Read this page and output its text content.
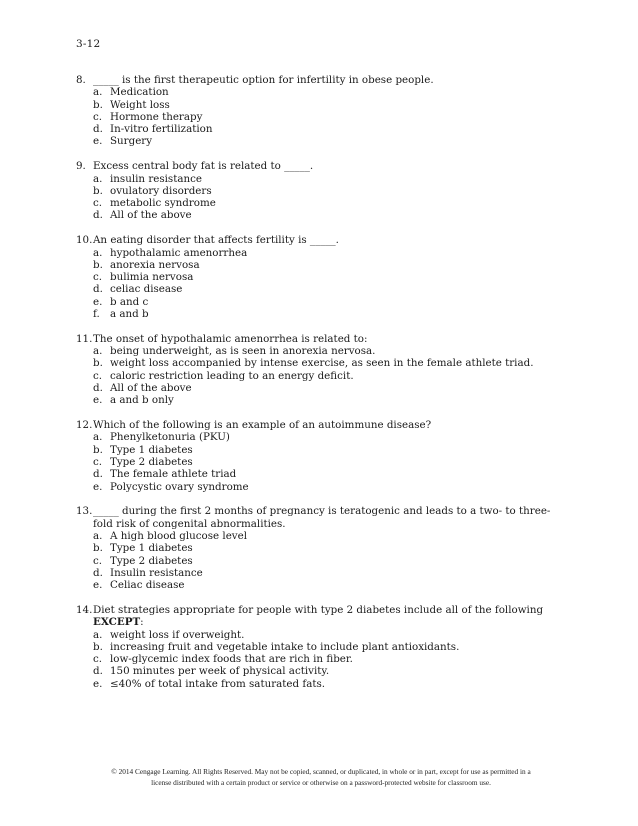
3-12
8. _____ is the first therapeutic option for infertility in obese people.
a. Medication
b. Weight loss
c. Hormone therapy
d. In-vitro fertilization
e. Surgery
9. Excess central body fat is related to _____.
a. insulin resistance
b. ovulatory disorders
c. metabolic syndrome
d. All of the above
10. An eating disorder that affects fertility is _____.
a. hypothalamic amenorrhea
b. anorexia nervosa
c. bulimia nervosa
d. celiac disease
e. b and c
f. a and b
11. The onset of hypothalamic amenorrhea is related to:
a. being underweight, as is seen in anorexia nervosa.
b. weight loss accompanied by intense exercise, as seen in the female athlete triad.
c. caloric restriction leading to an energy deficit.
d. All of the above
e. a and b only
12. Which of the following is an example of an autoimmune disease?
a. Phenylketonuria (PKU)
b. Type 1 diabetes
c. Type 2 diabetes
d. The female athlete triad
e. Polycystic ovary syndrome
13. _____ during the first 2 months of pregnancy is teratogenic and leads to a two- to three-fold risk of congenital abnormalities.
a. A high blood glucose level
b. Type 1 diabetes
c. Type 2 diabetes
d. Insulin resistance
e. Celiac disease
14. Diet strategies appropriate for people with type 2 diabetes include all of the following
EXCEPT:
a. weight loss if overweight.
b. increasing fruit and vegetable intake to include plant antioxidants.
c. low-glycemic index foods that are rich in fiber.
d. 150 minutes per week of physical activity.
e. ≤40% of total intake from saturated fats.
© 2014 Cengage Learning. All Rights Reserved. May not be copied, scanned, or duplicated, in whole or in part, except for use as permitted in a
license distributed with a certain product or service or otherwise on a password-protected website for classroom use.
